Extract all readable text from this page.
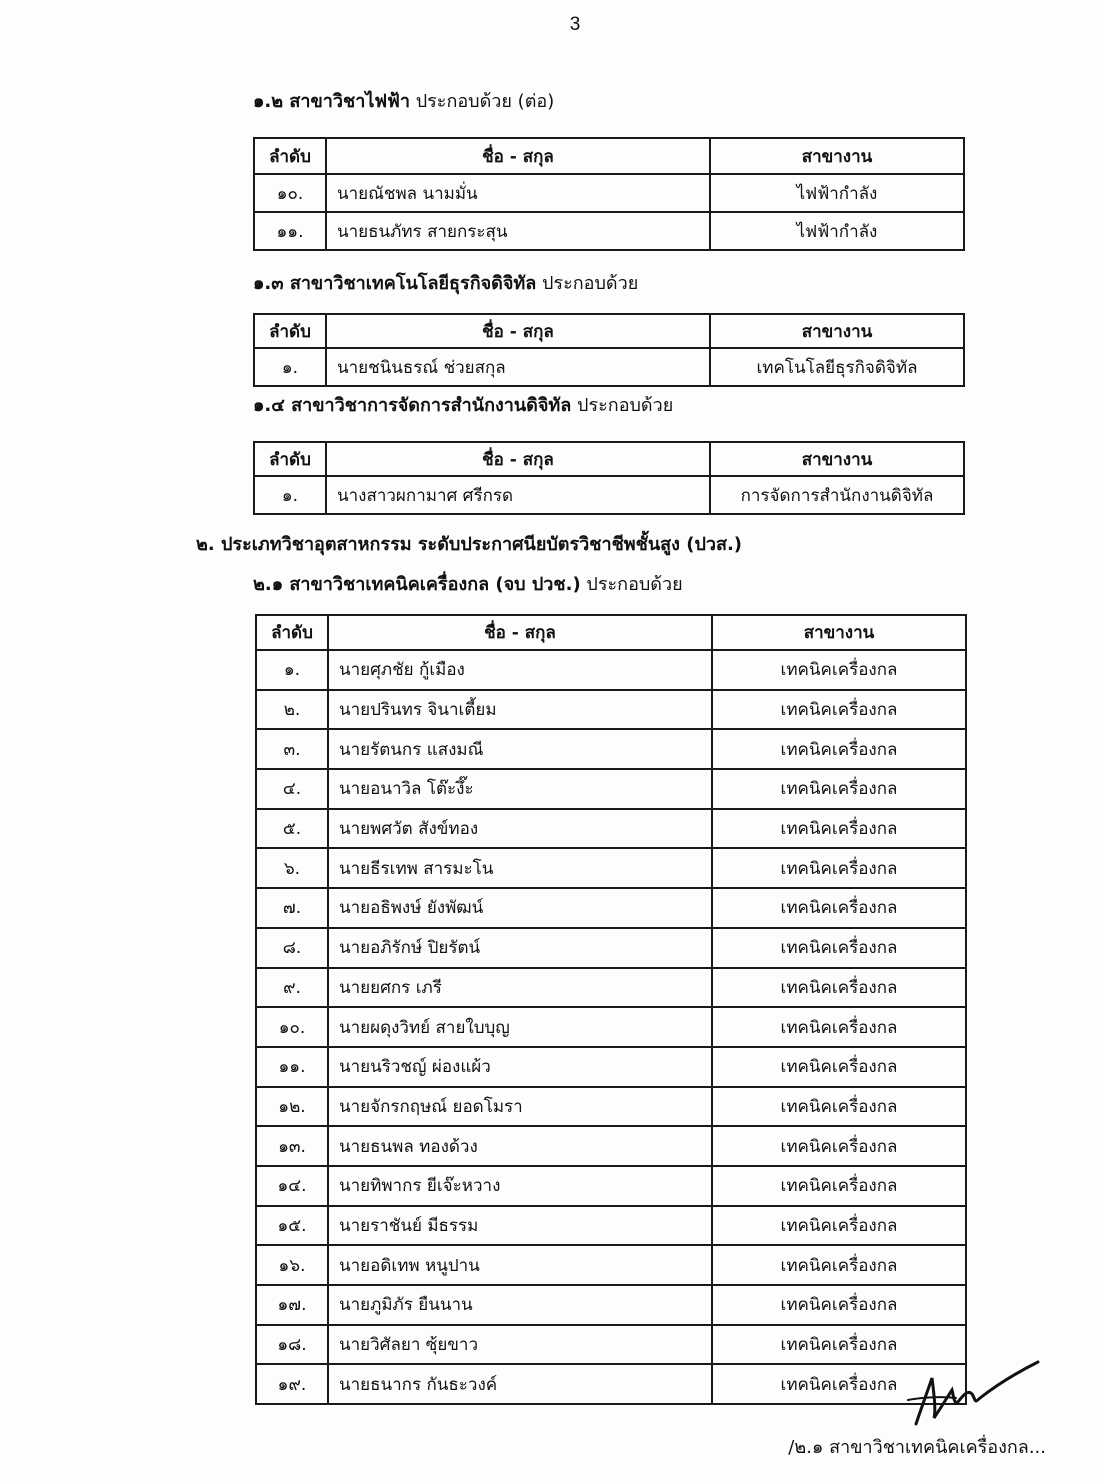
3
๑.๒ สาขาวิชาไฟฟ้า ประกอบด้วย (ต่อ)
ลำดับ	ชื่อ - สกุล	สาขางาน
๑๐.	นายณัชพล นามมั่น	ไฟฟ้ากำลัง
๑๑.	นายธนภัทร สายกระสุน	ไฟฟ้ากำลัง
๑.๓ สาขาวิชาเทคโนโลยีธุรกิจดิจิทัล ประกอบด้วย
ลำดับ	ชื่อ - สกุล	สาขางาน
๑.	นายชนินธรณ์ ช่วยสกุล	เทคโนโลยีธุรกิจดิจิทัล
๑.๔ สาขาวิชาการจัดการสำนักงานดิจิทัล ประกอบด้วย
ลำดับ	ชื่อ - สกุล	สาขางาน
๑.	นางสาวผกามาศ ศรีกรด	การจัดการสำนักงานดิจิทัล
๒. ประเภทวิชาอุตสาหกรรม ระดับประกาศนียบัตรวิชาชีพชั้นสูง (ปวส.)
๒.๑ สาขาวิชาเทคนิคเครื่องกล (จบ ปวช.) ประกอบด้วย
ลำดับ	ชื่อ - สกุล	สาขางาน
๑.	นายศุภชัย กู้เมือง	เทคนิคเครื่องกล
๒.	นายปรินทร จินาเตี้ยม	เทคนิคเครื่องกล
๓.	นายรัตนกร แสงมณี	เทคนิคเครื่องกล
๔.	นายอนาวิล โต๊ะงึ๊ะ	เทคนิคเครื่องกล
๕.	นายพศวัต สังข์ทอง	เทคนิคเครื่องกล
๖.	นายธีรเทพ สารมะโน	เทคนิคเครื่องกล
๗.	นายอธิพงษ์ ยังพัฒน์	เทคนิคเครื่องกล
๘.	นายอภิรักษ์ ปิยรัตน์	เทคนิคเครื่องกล
๙.	นายยศกร เภรี	เทคนิคเครื่องกล
๑๐.	นายผดุงวิทย์ สายใบบุญ	เทคนิคเครื่องกล
๑๑.	นายนริวชญ์ ผ่องแผ้ว	เทคนิคเครื่องกล
๑๒.	นายจักรกฤษณ์ ยอดโมรา	เทคนิคเครื่องกล
๑๓.	นายธนพล ทองด้วง	เทคนิคเครื่องกล
๑๔.	นายทิพากร ยีเจ๊ะหวาง	เทคนิคเครื่องกล
๑๕.	นายราชันย์ มีธรรม	เทคนิคเครื่องกล
๑๖.	นายอดิเทพ หนูปาน	เทคนิคเครื่องกล
๑๗.	นายภูมิภัร ยืนนาน	เทคนิคเครื่องกล
๑๘.	นายวิศัลยา ซุ้ยขาว	เทคนิคเครื่องกล
๑๙.	นายธนากร กันธะวงค์	เทคนิคเครื่องกล
/๒.๑ สาขาวิชาเทคนิคเครื่องกล...
